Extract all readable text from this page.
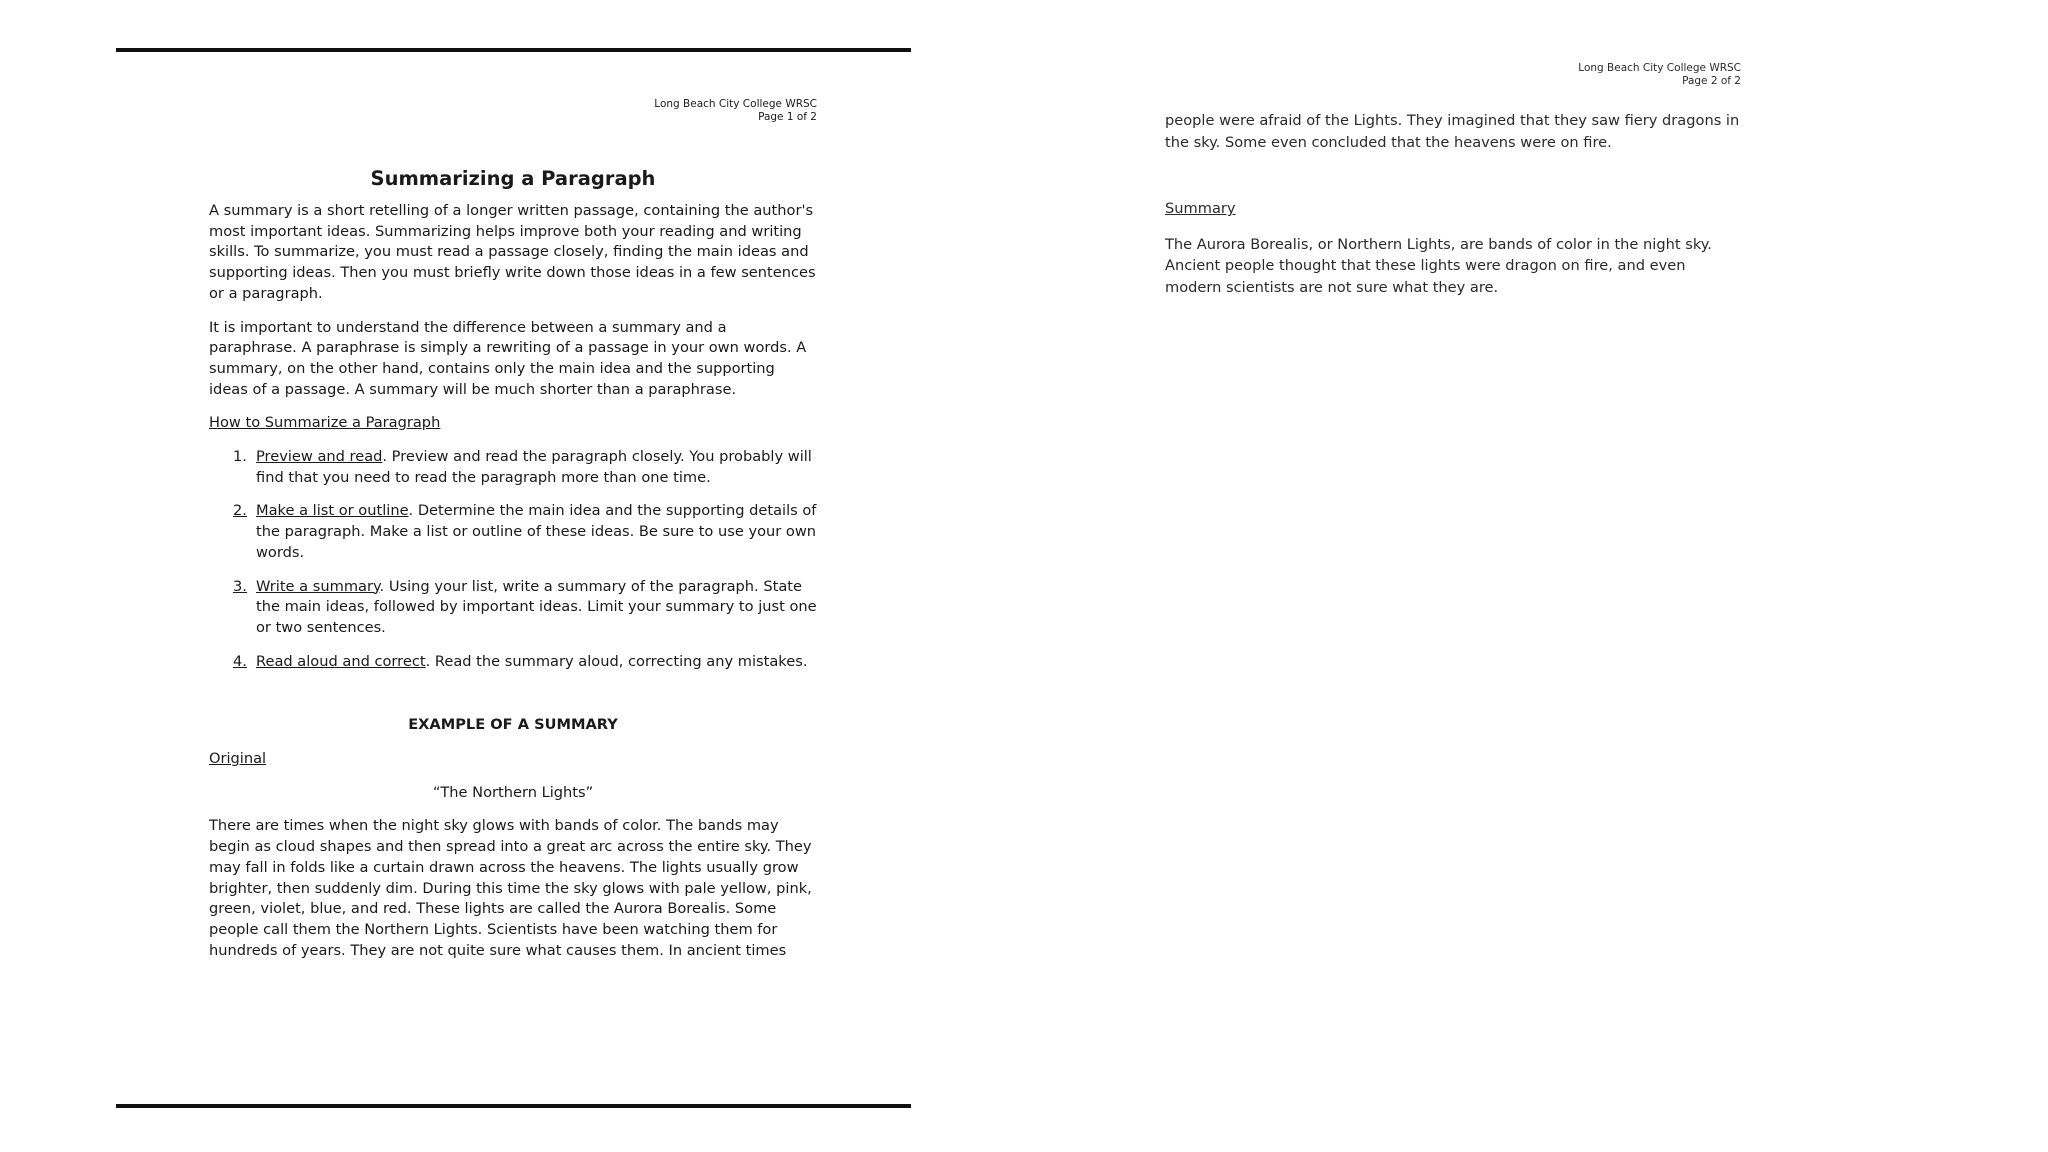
Long Beach City College WRSC
Page 1 of 2
Summarizing a Paragraph

A summary is a short retelling of a longer written passage, containing the author's most important ideas. Summarizing helps improve both your reading and writing skills. To summarize, you must read a passage closely, finding the main ideas and supporting ideas. Then you must briefly write down those ideas in a few sentences or a paragraph.

It is important to understand the difference between a summary and a paraphrase. A paraphrase is simply a rewriting of a passage in your own words. A summary, on the other hand, contains only the main idea and the supporting ideas of a passage. A summary will be much shorter than a paraphrase.

How to Summarize a Paragraph
1. Preview and read. Preview and read the paragraph closely. You probably will find that you need to read the paragraph more than one time.
2. Make a list or outline. Determine the main idea and the supporting details of the paragraph. Make a list or outline of these ideas. Be sure to use your own words.
3. Write a summary. Using your list, write a summary of the paragraph. State the main ideas, followed by important ideas. Limit your summary to just one or two sentences.
4. Read aloud and correct. Read the summary aloud, correcting any mistakes.
EXAMPLE OF A SUMMARY
Original
“The Northern Lights”

There are times when the night sky glows with bands of color. The bands may begin as cloud shapes and then spread into a great arc across the entire sky. They may fall in folds like a curtain drawn across the heavens. The lights usually grow brighter, then suddenly dim. During this time the sky glows with pale yellow, pink, green, violet, blue, and red. These lights are called the Aurora Borealis. Some people call them the Northern Lights. Scientists have been watching them for hundreds of years. They are not quite sure what causes them. In ancient times

Long Beach City College WRSC
Page 2 of 2

people were afraid of the Lights. They imagined that they saw fiery dragons in the sky. Some even concluded that the heavens were on fire.

Summary

The Aurora Borealis, or Northern Lights, are bands of color in the night sky. Ancient people thought that these lights were dragon on fire, and even modern scientists are not sure what they are.
